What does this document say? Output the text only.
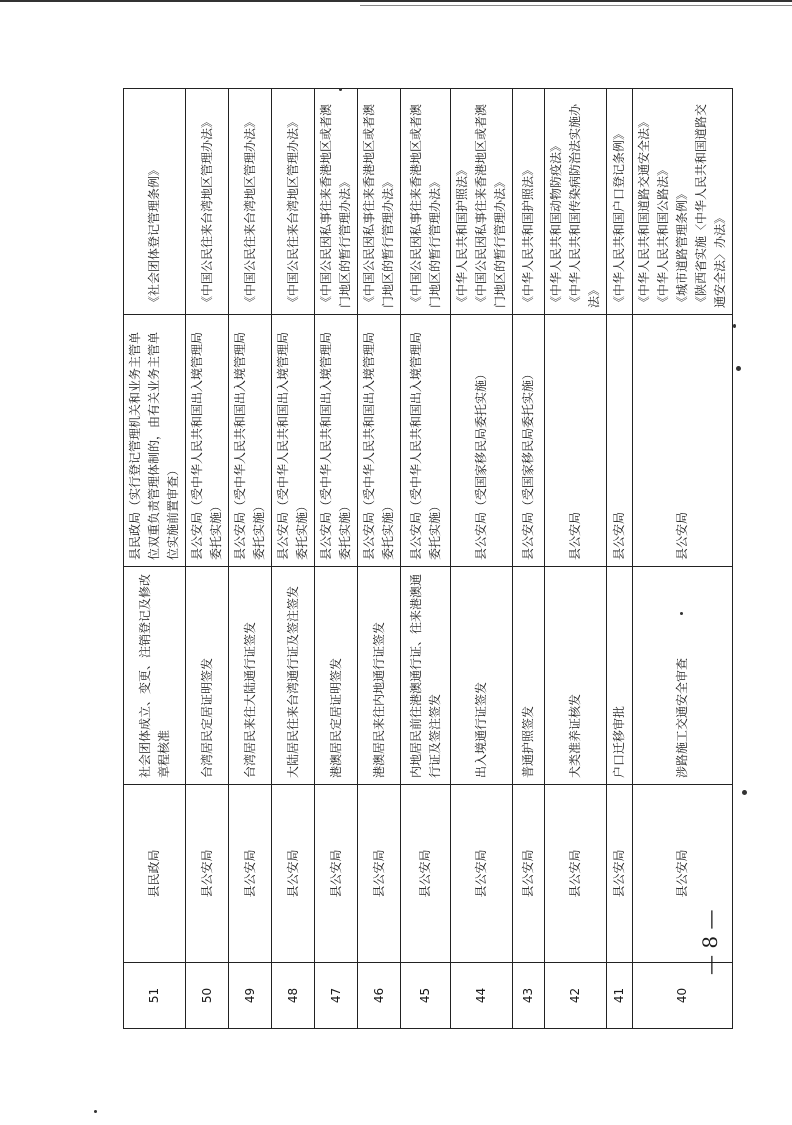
51	县民政局	社会团体成立、变更、注销登记及修改章程核准	县民政局（实行登记管理机关和业务主管单位双重负责管理体制的，由有关业务主管单位实施前置审查）	《社会团体登记管理条例》

50	县公安局	台湾居民定居证明签发	县公安局（受中华人民共和国出入境管理局委托实施）	《中国公民往来台湾地区管理办法》

49	县公安局	台湾居民来往大陆通行证签发	县公安局（受中华人民共和国出入境管理局委托实施）	《中国公民往来台湾地区管理办法》

48	县公安局	大陆居民往来台湾通行证及签注签发	县公安局（受中华人民共和国出入境管理局委托实施）	《中国公民往来台湾地区管理办法》

47	县公安局	港澳居民定居证明签发	县公安局（受中华人民共和国出入境管理局委托实施）	《中国公民因私事往来香港地区或者澳门地区的暂行管理办法》

46	县公安局	港澳居民来往内地通行证签发	县公安局（受中华人民共和国出入境管理局委托实施）	《中国公民因私事往来香港地区或者澳门地区的暂行管理办法》

45	县公安局	内地居民前往港澳通行证、往来港澳通行证及签注签发	县公安局（受中华人民共和国出入境管理局委托实施）	《中国公民因私事往来香港地区或者澳门地区的暂行管理办法》

44	县公安局	出入境通行证签发	县公安局（受国家移民局委托实施）	《中华人民共和国护照法》 《中国公民因私事往来香港地区或者澳门地区的暂行管理办法》

43	县公安局	普通护照签发	县公安局（受国家移民局委托实施）	《中华人民共和国护照法》

42	县公安局	犬类准养证核发	县公安局	《中华人民共和国动物防疫法》 《中华人民共和国传染病防治法实施办法》

41	县公安局	户口迁移审批	县公安局	《中华人民共和国户口登记条例》

40	县公安局	涉路施工交通安全审查	县公安局	《中华人民共和国道路交通安全法》 《中华人民共和国公路法》 《城市道路管理条例》 《陕西省实施〈中华人民共和国道路交通安全法〉办法》
— 8 —
